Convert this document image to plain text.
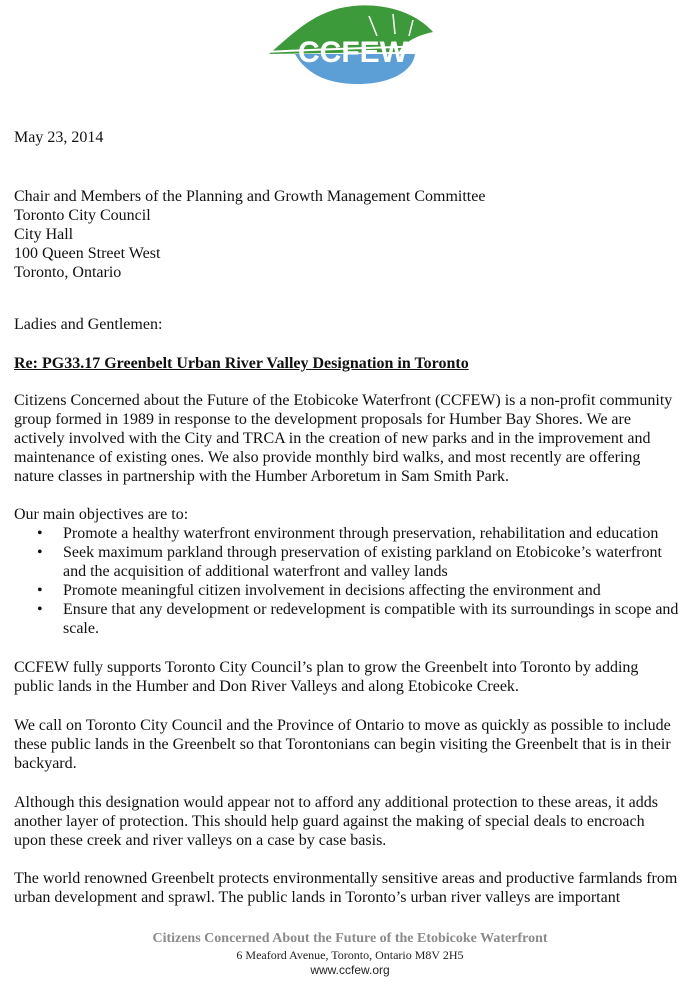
CCFEW
May 23, 2014
Chair and Members of the Planning and Growth Management Committee
Toronto City Council
City Hall
100 Queen Street West
Toronto, Ontario
Ladies and Gentlemen:
Re: PG33.17 Greenbelt Urban River Valley Designation in Toronto
Citizens Concerned about the Future of the Etobicoke Waterfront (CCFEW) is a non-profit community
group formed in 1989 in response to the development proposals for Humber Bay Shores. We are
actively involved with the City and TRCA in the creation of new parks and in the improvement and
maintenance of existing ones. We also provide monthly bird walks, and most recently are offering
nature classes in partnership with the Humber Arboretum in Sam Smith Park.
Our main objectives are to:
• Promote a healthy waterfront environment through preservation, rehabilitation and education
• Seek maximum parkland through preservation of existing parkland on Etobicoke’s waterfront
and the acquisition of additional waterfront and valley lands
• Promote meaningful citizen involvement in decisions affecting the environment and
• Ensure that any development or redevelopment is compatible with its surroundings in scope and
scale.
CCFEW fully supports Toronto City Council’s plan to grow the Greenbelt into Toronto by adding
public lands in the Humber and Don River Valleys and along Etobicoke Creek.
We call on Toronto City Council and the Province of Ontario to move as quickly as possible to include
these public lands in the Greenbelt so that Torontonians can begin visiting the Greenbelt that is in their
backyard.
Although this designation would appear not to afford any additional protection to these areas, it adds
another layer of protection. This should help guard against the making of special deals to encroach
upon these creek and river valleys on a case by case basis.
The world renowned Greenbelt protects environmentally sensitive areas and productive farmlands from
urban development and sprawl. The public lands in Toronto’s urban river valleys are important
Citizens Concerned About the Future of the Etobicoke Waterfront
6 Meaford Avenue, Toronto, Ontario M8V 2H5
www.ccfew.org
